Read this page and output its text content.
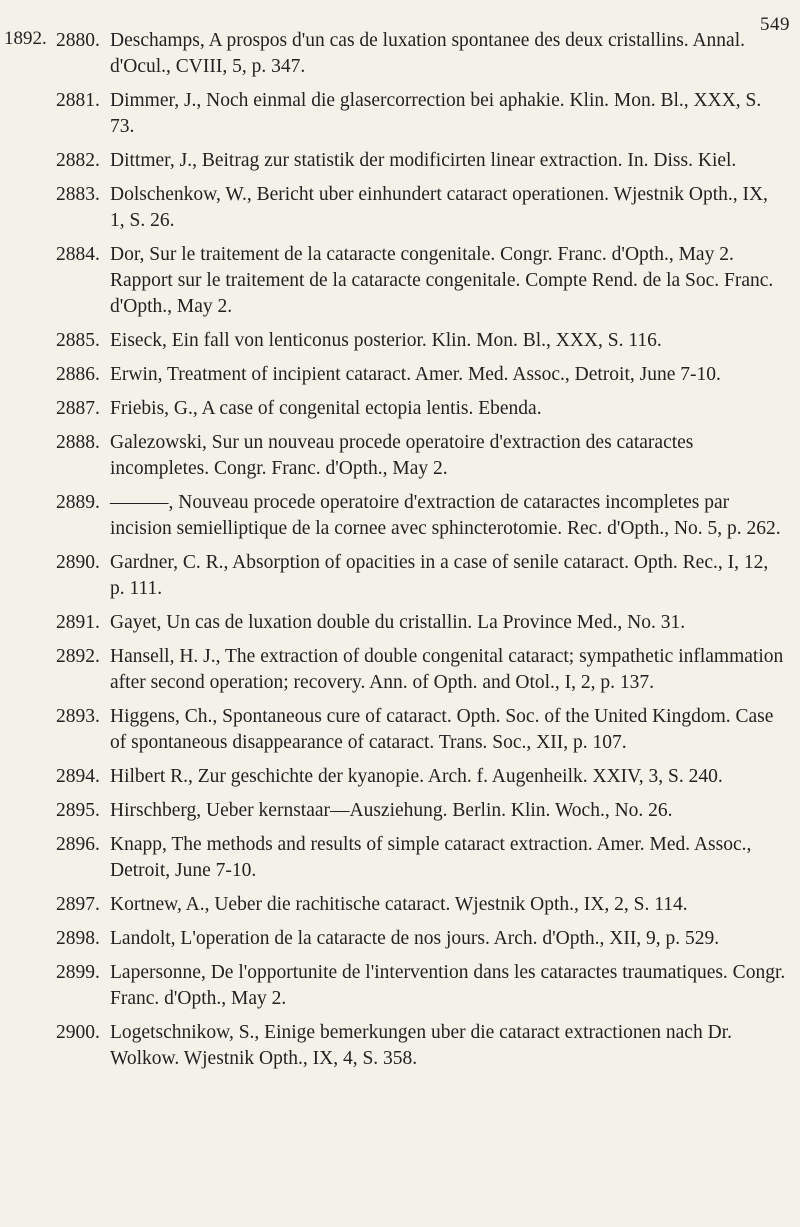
549
1892. 2880. Deschamps, A prospos d'un cas de luxation spontanee des deux cristallins. Annal. d'Ocul., CVIII, 5, p. 347.
2881. Dimmer, J., Noch einmal die glasercorrection bei aphakie. Klin. Mon. Bl., XXX, S. 73.
2882. Dittmer, J., Beitrag zur statistik der modificirten linear extraction. In. Diss. Kiel.
2883. Dolschenkow, W., Bericht uber einhundert cataract operationen. Wjestnik Opth., IX, 1, S. 26.
2884. Dor, Sur le traitement de la cataracte congenitale. Congr. Franc. d'Opth., May 2. Rapport sur le traitement de la cataracte congenitale. Compte Rend. de la Soc. Franc. d'Opth., May 2.
2885. Eiseck, Ein fall von lenticonus posterior. Klin. Mon. Bl., XXX, S. 116.
2886. Erwin, Treatment of incipient cataract. Amer. Med. Assoc., Detroit, June 7-10.
2887. Friebis, G., A case of congenital ectopia lentis. Ebenda.
2888. Galezowski, Sur un nouveau procede operatoire d'extraction des cataractes incompletes. Congr. Franc. d'Opth., May 2.
2889. ———, Nouveau procede operatoire d'extraction de cataractes incompletes par incision semielliptique de la cornee avec sphincterotomie. Rec. d'Opth., No. 5, p. 262.
2890. Gardner, C. R., Absorption of opacities in a case of senile cataract. Opth. Rec., I, 12, p. 111.
2891. Gayet, Un cas de luxation double du cristallin. La Province Med., No. 31.
2892. Hansell, H. J., The extraction of double congenital cataract; sympathetic inflammation after second operation; recovery. Ann. of Opth. and Otol., I, 2, p. 137.
2893. Higgens, Ch., Spontaneous cure of cataract. Opth. Soc. of the United Kingdom. Case of spontaneous disappearance of cataract. Trans. Soc., XII, p. 107.
2894. Hilbert R., Zur geschichte der kyanopie. Arch. f. Augenheilk. XXIV, 3, S. 240.
2895. Hirschberg, Ueber kernstaar—Ausziehung. Berlin. Klin. Woch., No. 26.
2896. Knapp, The methods and results of simple cataract extraction. Amer. Med. Assoc., Detroit, June 7-10.
2897. Kortnew, A., Ueber die rachitische cataract. Wjestnik Opth., IX, 2, S. 114.
2898. Landolt, L'operation de la cataracte de nos jours. Arch. d'Opth., XII, 9, p. 529.
2899. Lapersonne, De l'opportunite de l'intervention dans les cataractes traumatiques. Congr. Franc. d'Opth., May 2.
2900. Logetschnikow, S., Einige bemerkungen uber die cataract extractionen nach Dr. Wolkow. Wjestnik Opth., IX, 4, S. 358.
